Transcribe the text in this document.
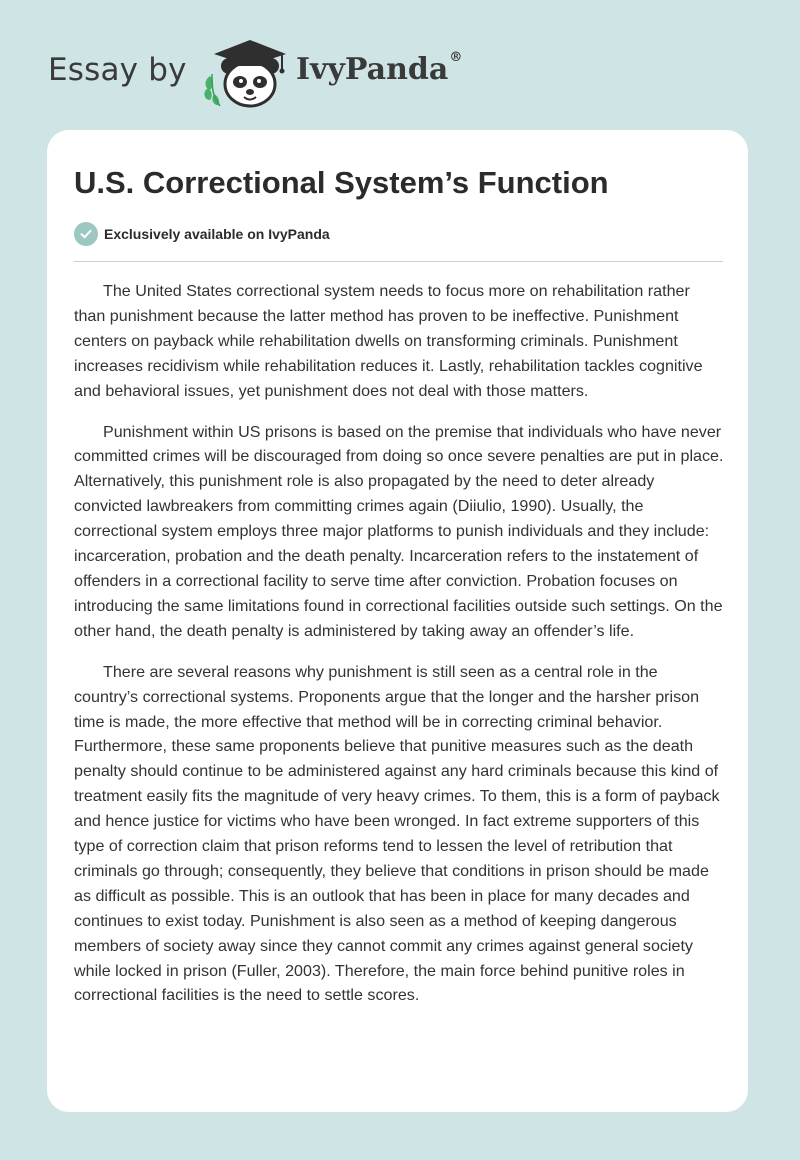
Essay by	IvyPanda®
U.S. Correctional System’s Function
Exclusively available on IvyPanda

The United States correctional system needs to focus more on rehabilitation rather than punishment because the latter method has proven to be ineffective. Punishment centers on payback while rehabilitation dwells on transforming criminals. Punishment increases recidivism while rehabilitation reduces it. Lastly, rehabilitation tackles cognitive and behavioral issues, yet punishment does not deal with those matters.

Punishment within US prisons is based on the premise that individuals who have never committed crimes will be discouraged from doing so once severe penalties are put in place. Alternatively, this punishment role is also propagated by the need to deter already convicted lawbreakers from committing crimes again (Diiulio, 1990). Usually, the correctional system employs three major platforms to punish individuals and they include: incarceration, probation and the death penalty. Incarceration refers to the instatement of offenders in a correctional facility to serve time after conviction. Probation focuses on introducing the same limitations found in correctional facilities outside such settings. On the other hand, the death penalty is administered by taking away an offender’s life.

There are several reasons why punishment is still seen as a central role in the country’s correctional systems. Proponents argue that the longer and the harsher prison time is made, the more effective that method will be in correcting criminal behavior. Furthermore, these same proponents believe that punitive measures such as the death penalty should continue to be administered against any hard criminals because this kind of treatment easily fits the magnitude of very heavy crimes. To them, this is a form of payback and hence justice for victims who have been wronged. In fact extreme supporters of this type of correction claim that prison reforms tend to lessen the level of retribution that criminals go through; consequently, they believe that conditions in prison should be made as difficult as possible. This is an outlook that has been in place for many decades and continues to exist today. Punishment is also seen as a method of keeping dangerous members of society away since they cannot commit any crimes against general society while locked in prison (Fuller, 2003). Therefore, the main force behind punitive roles in correctional facilities is the need to settle scores.
